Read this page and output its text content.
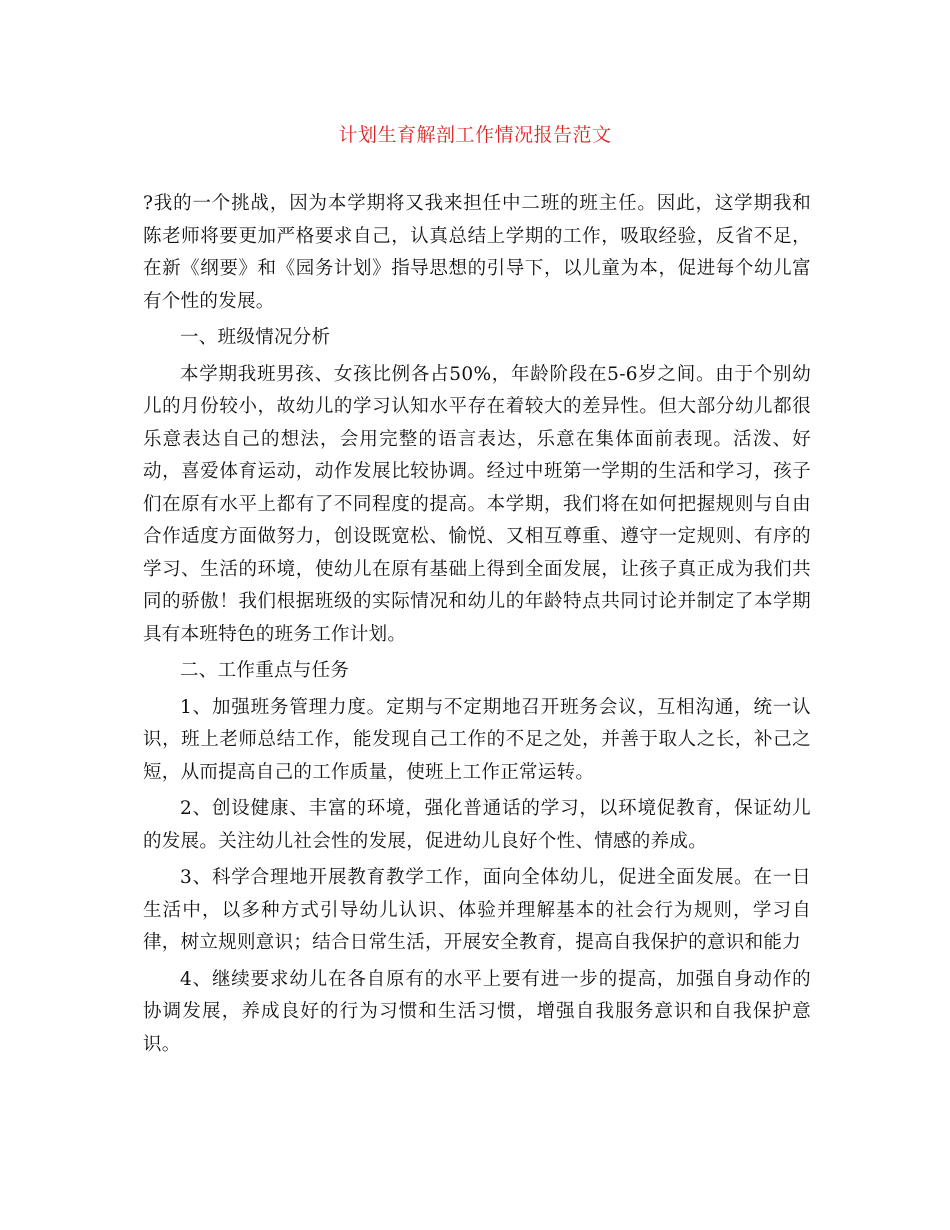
计划生育解剖工作情况报告范文

?我的一个挑战，因为本学期将又我来担任中二班的班主任。因此，这学期我和陈老师将要更加严格要求自己，认真总结上学期的工作，吸取经验，反省不足，在新《纲要》和《园务计划》指导思想的引导下，以儿童为本，促进每个幼儿富有个性的发展。

一、班级情况分析

本学期我班男孩、女孩比例各占50%，年龄阶段在5-6岁之间。由于个别幼儿的月份较小，故幼儿的学习认知水平存在着较大的差异性。但大部分幼儿都很乐意表达自己的想法，会用完整的语言表达，乐意在集体面前表现。活泼、好动，喜爱体育运动，动作发展比较协调。经过中班第一学期的生活和学习，孩子们在原有水平上都有了不同程度的提高。本学期，我们将在如何把握规则与自由合作适度方面做努力，创设既宽松、愉悦、又相互尊重、遵守一定规则、有序的学习、生活的环境，使幼儿在原有基础上得到全面发展，让孩子真正成为我们共同的骄傲！我们根据班级的实际情况和幼儿的年龄特点共同讨论并制定了本学期具有本班特色的班务工作计划。

二、工作重点与任务

1、加强班务管理力度。定期与不定期地召开班务会议，互相沟通，统一认识，班上老师总结工作，能发现自己工作的不足之处，并善于取人之长，补己之短，从而提高自己的工作质量，使班上工作正常运转。

2、创设健康、丰富的环境，强化普通话的学习，以环境促教育，保证幼儿的发展。关注幼儿社会性的发展，促进幼儿良好个性、情感的养成。

3、科学合理地开展教育教学工作，面向全体幼儿，促进全面发展。在一日生活中，以多种方式引导幼儿认识、体验并理解基本的社会行为规则，学习自律，树立规则意识；结合日常生活，开展安全教育，提高自我保护的意识和能力

4、继续要求幼儿在各自原有的水平上要有进一步的提高，加强自身动作的协调发展，养成良好的行为习惯和生活习惯，增强自我服务意识和自我保护意识。
